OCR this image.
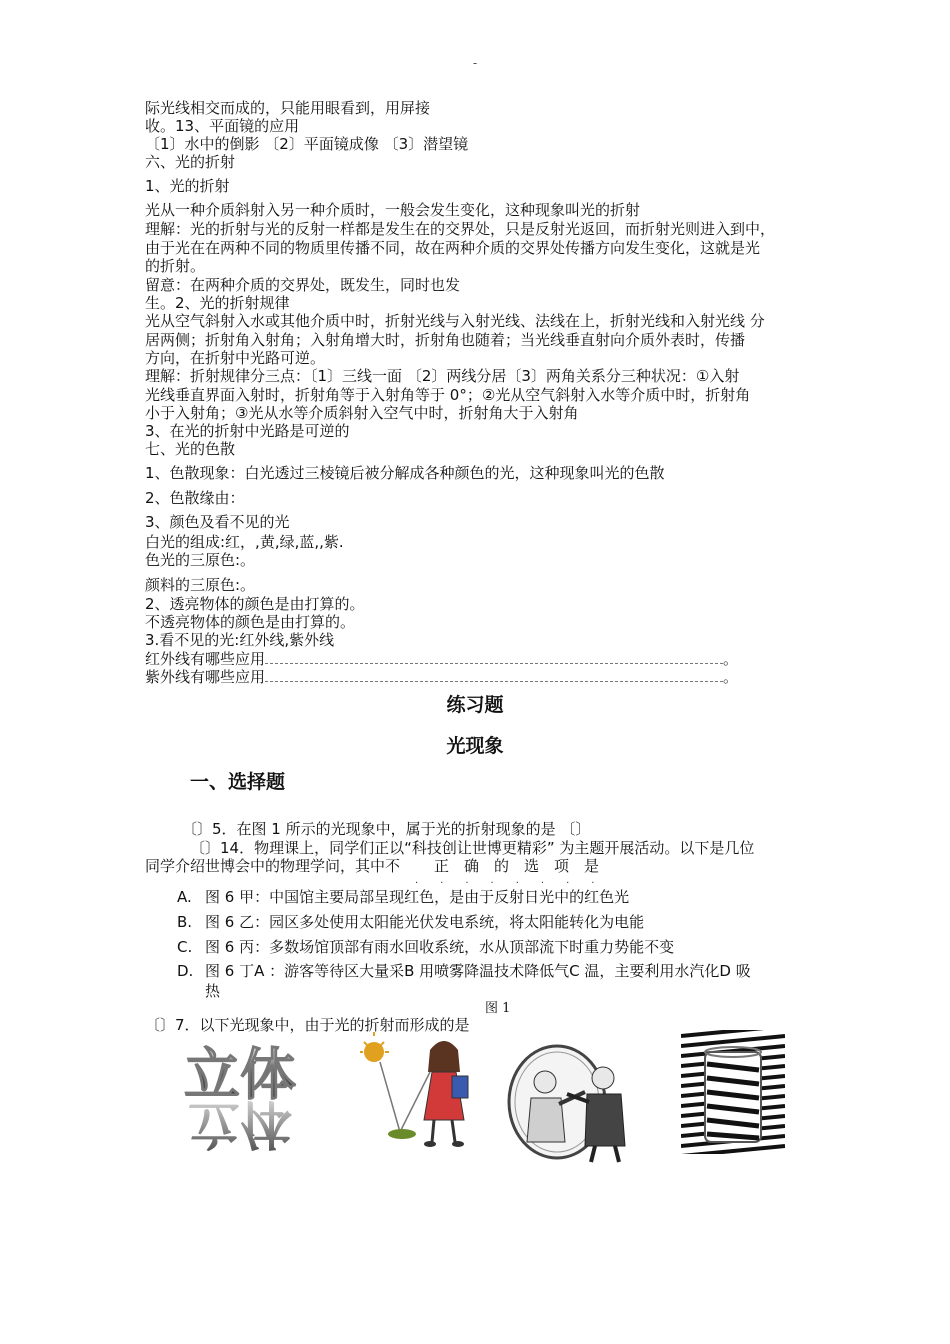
-
际光线相交而成的，只能用眼看到，用屏接
收。13、平面镜的应用
〔1〕水中的倒影 〔2〕平面镜成像 〔3〕潜望镜
六、光的折射
1、光的折射
光从一种介质斜射入另一种介质时，一般会发生变化，这种现象叫光的折射
理解：光的折射与光的反射一样都是发生在的交界处，只是反射光返回，而折射光则进入到中，
由于光在在两种不同的物质里传播不同，故在两种介质的交界处传播方向发生变化，这就是光
的折射。
留意：在两种介质的交界处，既发生，同时也发
生。2、光的折射规律
光从空气斜射入水或其他介质中时，折射光线与入射光线、法线在上，折射光线和入射光线 分
居两侧；折射角入射角；入射角增大时，折射角也随着；当光线垂直射向介质外表时，传播
方向，在折射中光路可逆。
理解：折射规律分三点：〔1〕三线一面 〔2〕两线分居〔3〕两角关系分三种状况：①入射
光线垂直界面入射时，折射角等于入射角等于 0°；②光从空气斜射入水等介质中时，折射角
小于入射角；③光从水等介质斜射入空气中时，折射角大于入射角
3、在光的折射中光路是可逆的
七、光的色散
1、色散现象：白光透过三棱镜后被分解成各种颜色的光，这种现象叫光的色散
2、色散缘由：
3、颜色及看不见的光
白光的组成:红，,黄,绿,蓝,,紫.
色光的三原色:。
颜料的三原色:。
2、透亮物体的颜色是由打算的。
不透亮物体的颜色是由打算的。
3.看不见的光:红外线,紫外线
红外线有哪些应用	。
紫外线有哪些应用	。
练习题
光现象
一、选择题
〔〕5．在图 1 所示的光现象中，属于光的折射现象的是 〔〕
〔〕14．物理课上，同学们正以“科技创让世博更精彩” 为主题开展活动。以下是几位
同学介绍世博会中的物理学问，其中不 正 确 的 选 项 是
········
A. 图 6 甲：中国馆主要局部呈现红色，是由于反射日光中的红色光
B. 图 6 乙：园区多处使用太阳能光伏发电系统，将太阳能转化为电能
C. 图 6 丙：多数场馆顶部有雨水回收系统，水从顶部流下时重力势能不变
D. 图 6 丁A ：游客等待区大量采B 用喷雾降温技术降低气C 温，主要利用水汽化D 吸
热
图 1
〔〕7．以下光现象中，由于光的折射而形成的是
立体
立体
